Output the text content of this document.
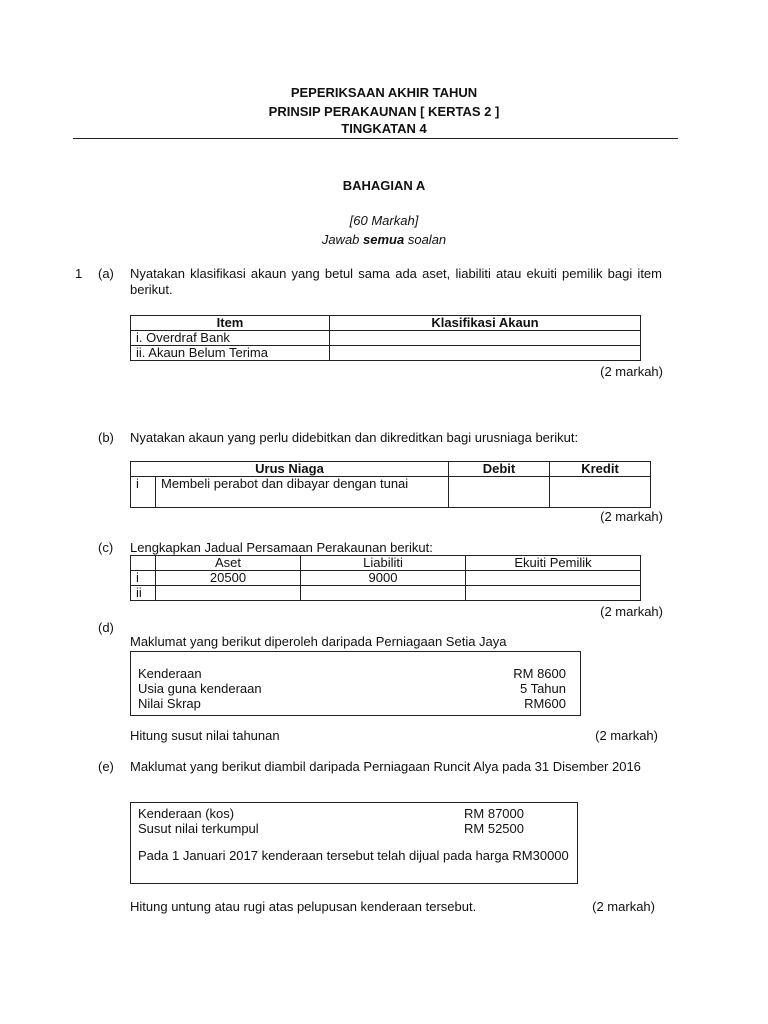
PEPERIKSAAN AKHIR TAHUN
PRINSIP PERAKAUNAN [ KERTAS 2 ]
TINGKATAN 4
BAHAGIAN A
[60 Markah]
Jawab semua soalan
1 (a) Nyatakan klasifikasi akaun yang betul sama ada aset, liabiliti atau ekuiti pemilik bagi item berikut.
Item	Klasifikasi Akaun
i. Overdraf Bank	
ii. Akaun Belum Terima	
(2 markah)
(b) Nyatakan akaun yang perlu didebitkan dan dikreditkan bagi urusniaga berikut:
Urus Niaga		Debit	Kredit
i	Membeli perabot dan dibayar dengan tunai		
(2 markah)
(c) Lengkapkan Jadual Persamaan Perakaunan berikut:
	Aset	Liabiliti	Ekuiti Pemilik
i	20500	9000	
ii			
(2 markah)
(d)
Maklumat yang berikut diperoleh daripada Perniagaan Setia Jaya
Kenderaan	RM 8600
Usia guna kenderaan	5 Tahun
Nilai Skrap	RM600
Hitung susut nilai tahunan	(2 markah)
(e) Maklumat yang berikut diambil daripada Perniagaan Runcit Alya pada 31 Disember 2016
Kenderaan (kos)	RM 87000
Susut nilai terkumpul	RM 52500
Pada 1 Januari 2017 kenderaan tersebut telah dijual pada harga RM30000
Hitung untung atau rugi atas pelupusan kenderaan tersebut.	(2 markah)
